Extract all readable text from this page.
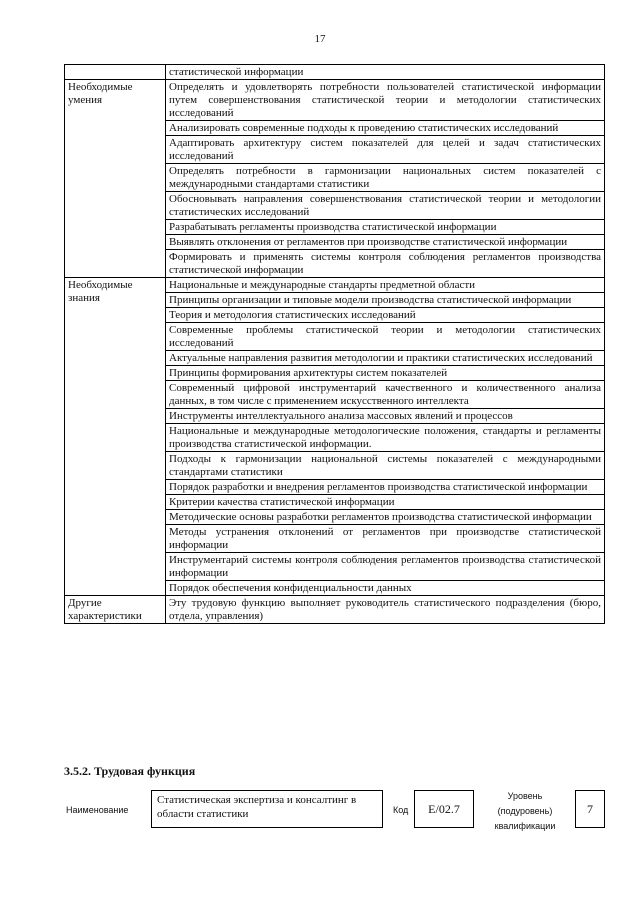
17
	статистической информации
Необходимые умения	Определять и удовлетворять потребности пользователей статистической информации путем совершенствования статистической теории и методологии статистических исследований
	Анализировать современные подходы к проведению статистических исследований
	Адаптировать архитектуру систем показателей для целей и задач статистических исследований
	Определять потребности в гармонизации национальных систем показателей с международными стандартами статистики
	Обосновывать направления совершенствования статистической теории и методологии статистических исследований
	Разрабатывать регламенты производства статистической информации
	Выявлять отклонения от регламентов при производстве статистической информации
	Формировать и применять системы контроля соблюдения регламентов производства статистической информации
Необходимые знания	Национальные и международные стандарты предметной области
	Принципы организации и типовые модели производства статистической информации
	Теория и методология статистических исследований
	Современные проблемы статистической теории и методологии статистических исследований
	Актуальные направления развития методологии и практики статистических исследований
	Принципы формирования архитектуры систем показателей
	Современный цифровой инструментарий качественного и количественного анализа данных, в том числе с применением искусственного интеллекта
	Инструменты интеллектуального анализа массовых явлений и процессов
	Национальные и международные методологические положения, стандарты и регламенты производства статистической информации.
	Подходы к гармонизации национальной системы показателей с международными стандартами статистики
	Порядок разработки и внедрения регламентов производства статистической информации
	Критерии качества статистической информации
	Методические основы разработки регламентов производства статистической информации
	Методы устранения отклонений от регламентов при производстве статистической информации
	Инструментарий системы контроля соблюдения регламентов производства статистической информации
	Порядок обеспечения конфиденциальности данных
Другие характеристики	Эту трудовую функцию выполняет руководитель статистического подразделения (бюро, отдела, управления)
3.5.2. Трудовая функция
Наименование
Статистическая экспертиза и консалтинг в области статистики	Код	E/02.7
Уровень
(подуровень)
квалификации
7
